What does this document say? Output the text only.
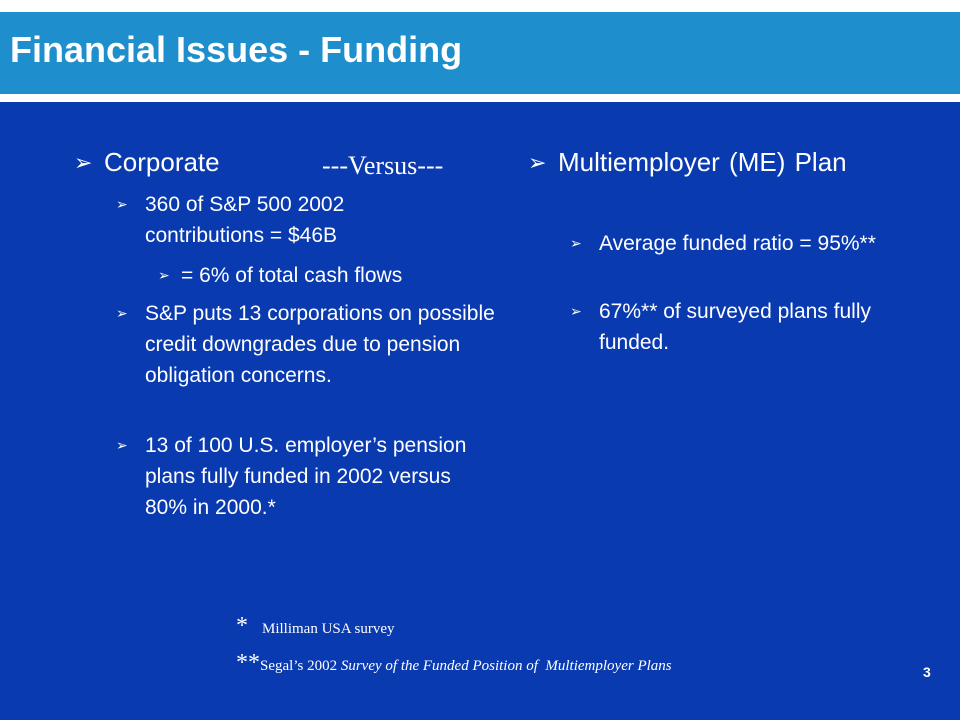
Financial Issues - Funding
➢ Corporate	---Versus---
➢ 360 of S&P 500 2002 contributions = $46B
➢ = 6% of total cash flows
➢ S&P puts 13 corporations on possible credit downgrades due to pension obligation concerns.
➢ 13 of 100 U.S. employer’s pension plans fully funded in 2002 versus 80% in 2000.*
➢ Multiemployer (ME) Plan
➢ Average funded ratio = 95%**
➢ 67%** of surveyed plans fully funded.
* Milliman USA survey
**Segal’s 2002 Survey of the Funded Position of  Multiemployer Plans	3
